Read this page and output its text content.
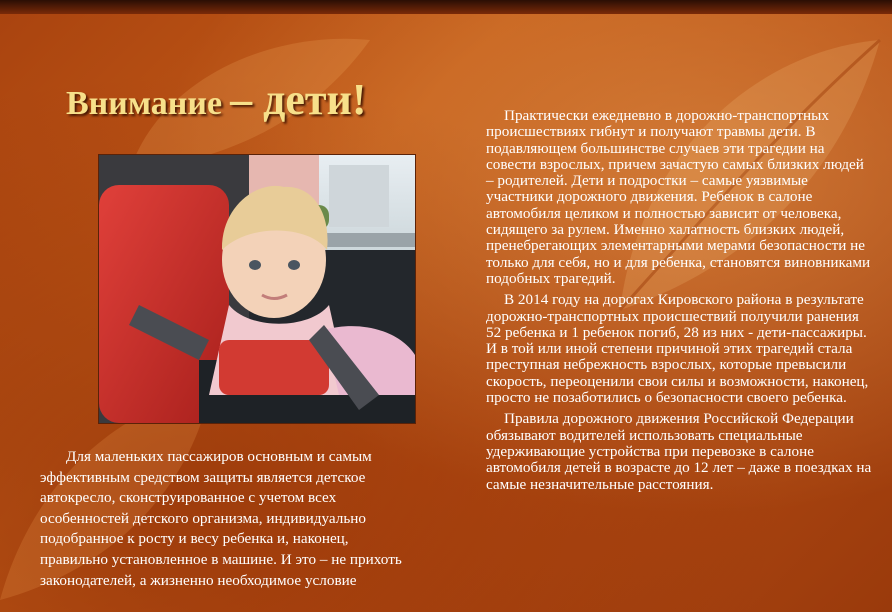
Внимание – дети!

Для маленьких пассажиров основным и самым эффективным средством защиты является детское автокресло, сконструированное с учетом всех особенностей детского организма, индивидуально подобранное к росту и весу ребенка и, наконец, правильно установленное в машине. И это – не прихоть законодателей, а жизненно необходимое условие

Практически ежедневно в дорожно-транспортных происшествиях гибнут и получают травмы дети. В подавляющем большинстве случаев эти трагедии на совести взрослых, причем зачастую самых близких людей – родителей. Дети и подростки – самые уязвимые участники дорожного движения. Ребенок в салоне автомобиля целиком и полностью зависит от человека, сидящего за рулем. Именно халатность близких людей, пренебрегающих элементарными мерами безопасности не только для себя, но и для ребенка, становятся виновниками подобных трагедий.

В 2014 году на дорогах Кировского района в результате дорожно-транспортных происшествий получили ранения 52 ребенка и 1 ребенок погиб, 28 из них - дети-пассажиры. И в той или иной степени причиной этих трагедий стала преступная небрежность взрослых, которые превысили скорость, переоценили свои силы и возможности, наконец, просто не позаботились о безопасности своего ребенка.

Правила дорожного движения Российской Федерации обязывают водителей использовать специальные удерживающие устройства при перевозке в салоне автомобиля детей в возрасте до 12 лет – даже в поездках на самые незначительные расстояния.
